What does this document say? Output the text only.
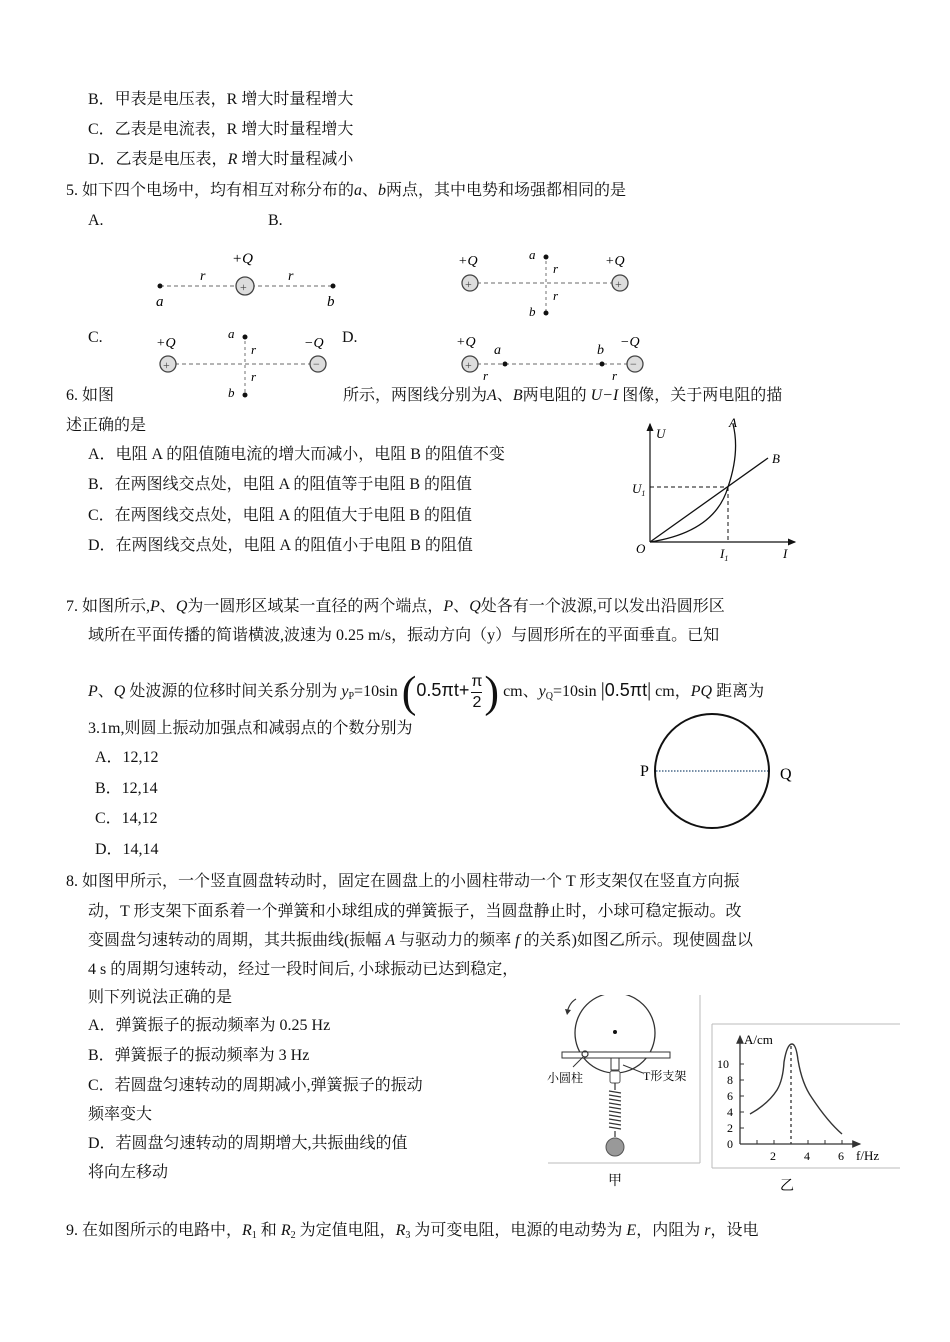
B．甲表是电压表，R 增大时量程增大
C．乙表是电流表，R 增大时量程增大
D．乙表是电压表，R 增大时量程减小
5. 如下四个电场中，均有相互对称分布的a、b两点，其中电势和场强都相同的是
A.	B.
C.	D.
+
+Q
r	r
a	b
+	+
+Q	+Q
a
b
r
r
+	−
+Q	−Q
a
b
r
r
+	−
+Q	−Q
a	b
r	r
6. 如图	所示，两图线分别为A、B两电阻的 U−I 图像，关于两电阻的描
述正确的是
A．电阻 A 的阻值随电流的增大而减小，电阻 B 的阻值不变
B．在两图线交点处，电阻 A 的阻值等于电阻 B 的阻值
C．在两图线交点处，电阻 A 的阻值大于电阻 B 的阻值
D．在两图线交点处，电阻 A 的阻值小于电阻 B 的阻值
U
I
O
$U_1$
$I_1$
A
B
7. 如图所示,P、Q为一圆形区域某一直径的两个端点，P、Q处各有一个波源,可以发出沿圆形区
域所在平面传播的简谐横波,波速为 0.25 m/s，振动方向（y）与圆形所在的平面垂直。已知
P、Q 处波源的位移时间关系分别为 $y_P=10\sin$ ($0.5\pi t+ \frac{\pi}{2}$ ) cm、$y_Q=10\sin$ |0.5πt| cm，PQ 距离为
3.1m,则圆上振动加强点和减弱点的个数分别为
A．12,12
B．12,14
C．14,12
D．14,14
P	Q
8. 如图甲所示，一个竖直圆盘转动时，固定在圆盘上的小圆柱带动一个 T 形支架仅在竖直方向振
动，T 形支架下面系着一个弹簧和小球组成的弹簧振子，当圆盘静止时，小球可稳定振动。改
变圆盘匀速转动的周期，其共振曲线(振幅 A 与驱动力的频率 f 的关系)如图乙所示。现使圆盘以
4 s 的周期匀速转动，经过一段时间后, 小球振动已达到稳定，
则下列说法正确的是
A．弹簧振子的振动频率为 0.25 Hz
B．弹簧振子的振动频率为 3 Hz
C．若圆盘匀速转动的周期减小,弹簧振子的振动
频率变大
D．若圆盘匀速转动的周期增大,共振曲线的值
将向左移动
小圆柱	T形支架
甲
A/cm
f/Hz
0
2
4
6
8
10
2 4 6
乙
9. 在如图所示的电路中，$R_1$ 和 $R_2$ 为定值电阻，$R_3$ 为可变电阻，电源的电动势为 E，内阻为 r，设电
